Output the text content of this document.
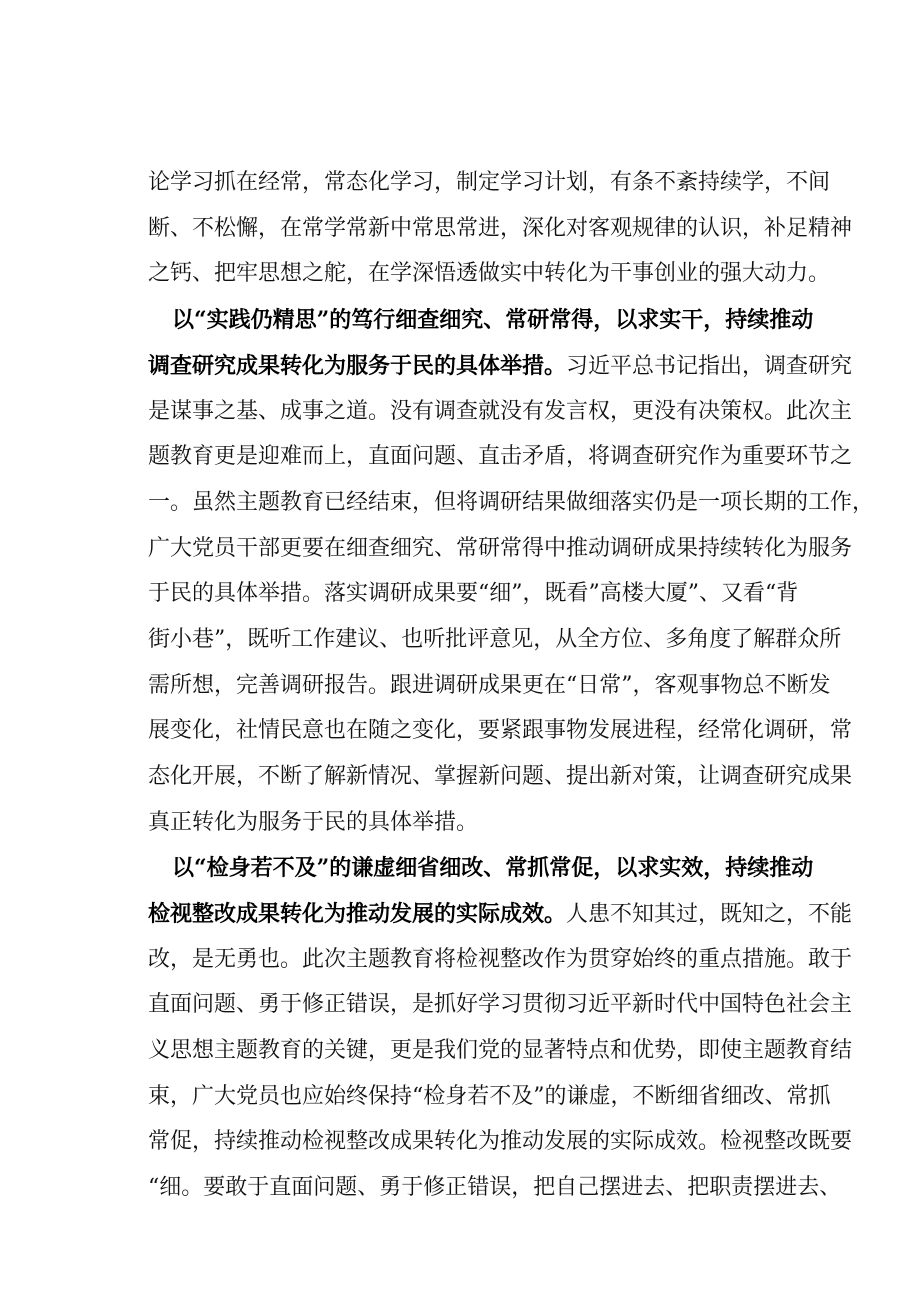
论学习抓在经常，常态化学习，制定学习计划，有条不紊持续学，不间
断、不松懈，在常学常新中常思常进，深化对客观规律的认识，补足精神
之钙、把牢思想之舵，在学深悟透做实中转化为干事创业的强大动力。
以“实践仍精思”的笃行细查细究、常研常得，以求实干，持续推动
调查研究成果转化为服务于民的具体举措。习近平总书记指出，调查研究
是谋事之基、成事之道。没有调查就没有发言权，更没有决策权。此次主
题教育更是迎难而上，直面问题、直击矛盾，将调查研究作为重要环节之
一。虽然主题教育已经结束，但将调研结果做细落实仍是一项长期的工作，
广大党员干部更要在细查细究、常研常得中推动调研成果持续转化为服务
于民的具体举措。落实调研成果要“细”，既看”高楼大厦”、又看“背
街小巷”，既听工作建议、也听批评意见，从全方位、多角度了解群众所
需所想，完善调研报告。跟进调研成果更在“日常”，客观事物总不断发
展变化，社情民意也在随之变化，要紧跟事物发展进程，经常化调研，常
态化开展，不断了解新情况、掌握新问题、提出新对策，让调查研究成果
真正转化为服务于民的具体举措。
以“检身若不及”的谦虚细省细改、常抓常促，以求实效，持续推动
检视整改成果转化为推动发展的实际成效。人患不知其过，既知之，不能
改，是无勇也。此次主题教育将检视整改作为贯穿始终的重点措施。敢于
直面问题、勇于修正错误，是抓好学习贯彻习近平新时代中国特色社会主
义思想主题教育的关键，更是我们党的显著特点和优势，即使主题教育结
束，广大党员也应始终保持“检身若不及”的谦虚，不断细省细改、常抓
常促，持续推动检视整改成果转化为推动发展的实际成效。检视整改既要
“细。要敢于直面问题、勇于修正错误，把自己摆进去、把职责摆进去、
